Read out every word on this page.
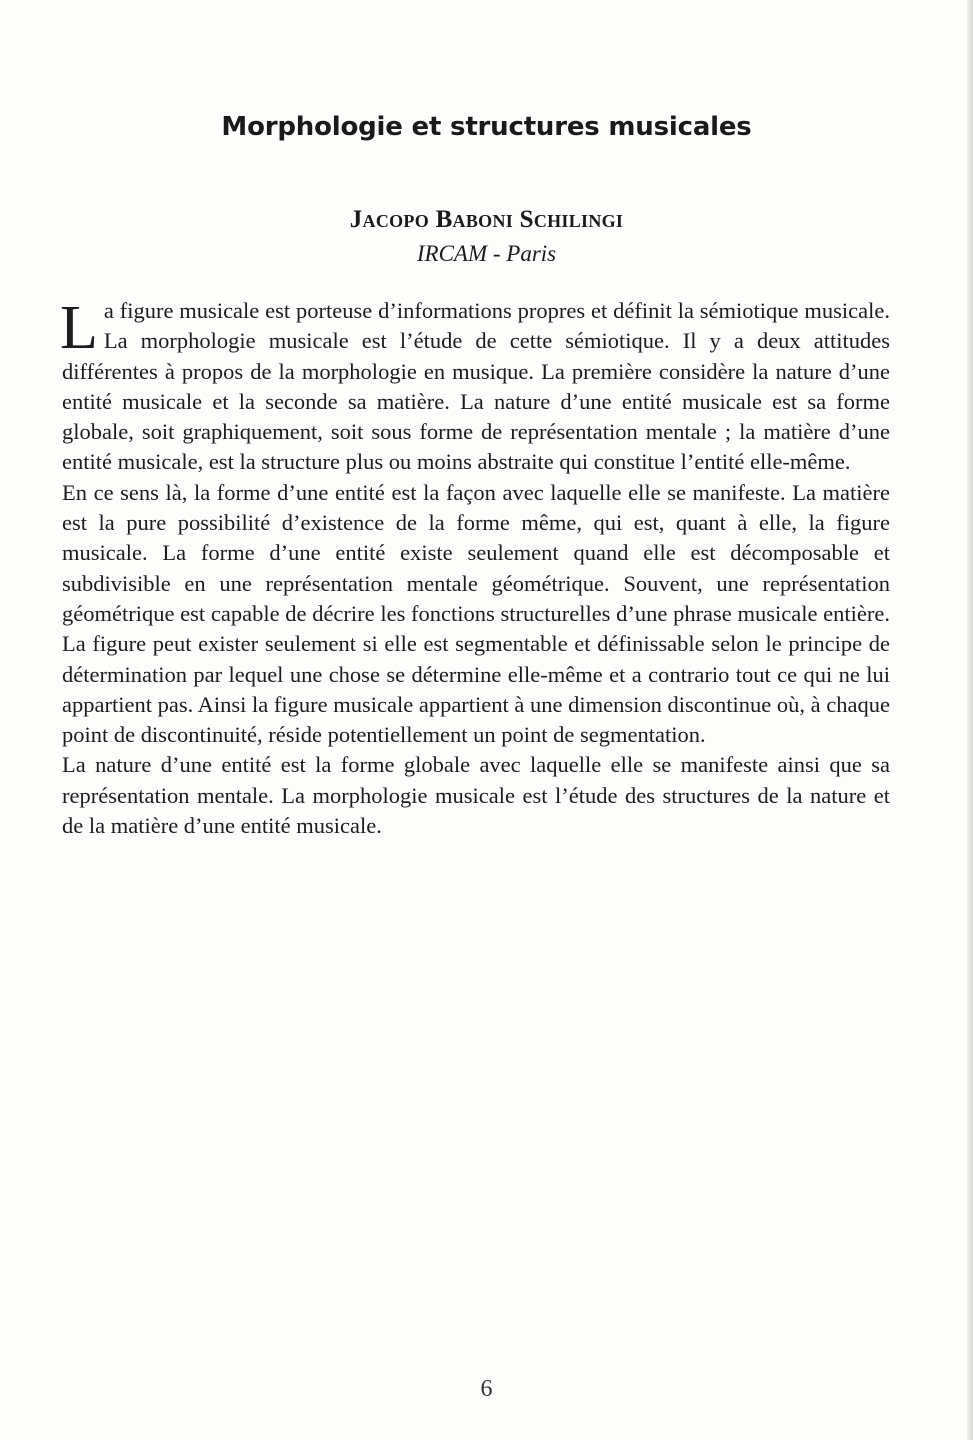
Morphologie et structures musicales
Jacopo Baboni Schilingi
IRCAM - Paris

La figure musicale est porteuse d’informations propres et définit la sémiotique musicale. La morphologie musicale est l’étude de cette sémiotique. Il y a deux attitudes différentes à propos de la morphologie en musique. La première considère la nature d’une entité musicale et la seconde sa matière. La nature d’une entité musicale est sa forme globale, soit graphiquement, soit sous forme de représentation mentale ; la matière d’une entité musicale, est la structure plus ou moins abstraite qui constitue l’entité elle-même.

En ce sens là, la forme d’une entité est la façon avec laquelle elle se manifeste. La matière est la pure possibilité d’existence de la forme même, qui est, quant à elle, la figure musicale. La forme d’une entité existe seulement quand elle est décomposable et subdivisible en une représentation mentale géométrique. Souvent, une représentation géométrique est capable de décrire les fonctions structurelles d’une phrase musicale entière. La figure peut exister seulement si elle est segmentable et définissable selon le principe de détermination par lequel une chose se détermine elle-même et a contrario tout ce qui ne lui appartient pas. Ainsi la figure musicale appartient à une dimension discontinue où, à chaque point de discontinuité, réside potentiellement un point de segmentation.

La nature d’une entité est la forme globale avec laquelle elle se manifeste ainsi que sa représentation mentale. La morphologie musicale est l’étude des structures de la nature et de la matière d’une entité musicale.

6
